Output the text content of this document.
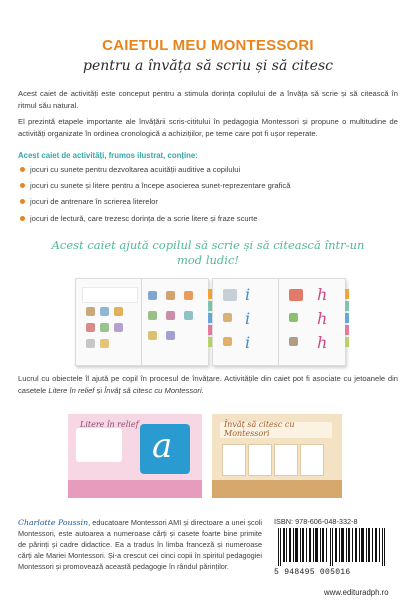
CAIETUL MEU MONTESSORI
pentru a învăța să scriu și să citesc
Acest caiet de activități este conceput pentru a stimula dorința copilului de a învăța să scrie și să citească în ritmul său natural.
El prezintă etapele importante ale învățării scris-cititului în pedagogia Montessori și propune o multitudine de activități organizate în ordinea cronologică a achizițiilor, pe teme care pot fi ușor reperate.
Acest caiet de activități, frumos ilustrat, conține:
jocuri cu sunete pentru dezvoltarea acuității auditive a copilului
jocuri cu sunete și litere pentru a începe asocierea sunet-reprezentare grafică
jocuri de antrenare în scrierea literelor
jocuri de lectură, care trezesc dorința de a scrie litere și fraze scurte
Acest caiet ajută copilul să scrie și să citească într-un mod ludic!
i
i
i
h
h
h
Lucrul cu obiectele îl ajută pe copil în procesul de învățare. Activitățile din caiet pot fi asociate cu jetoanele din casetele Litere în relief și Învăț să citesc cu Montessori.
a
Litere în relief	Învăț să citesc cu Montessori
Charlotte Poussin, educatoare Montessori AMI și directoare a unei școli Montessori, este autoarea a numeroase cărți și casete foarte bine primite de părinți și cadre didactice. Ea a tradus în limba franceză și numeroase cărți ale Mariei Montessori. Și-a crescut cei cinci copii în spiritul pedagogiei Montessori și promovează această pedagogie în rândul părinților.
ISBN: 978-606-048-332-8
5 948495 005016
www.edituradph.ro
